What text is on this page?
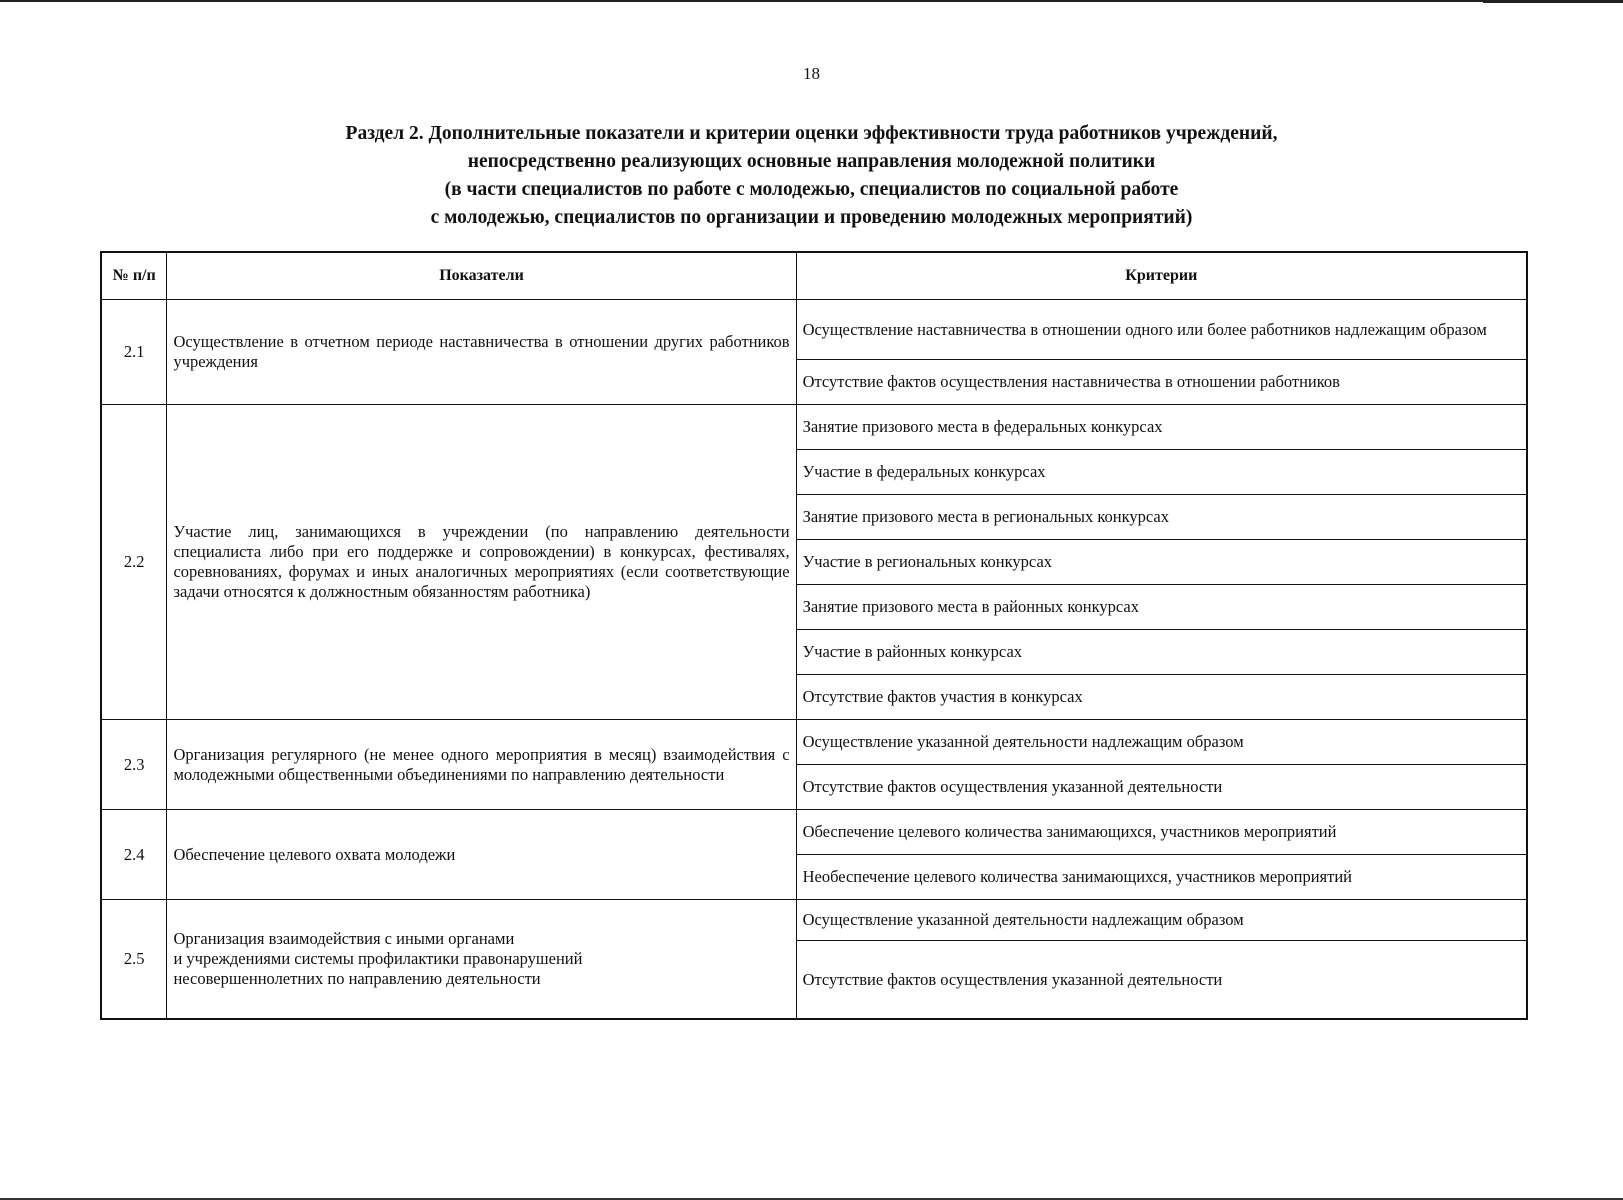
18
Раздел 2. Дополнительные показатели и критерии оценки эффективности труда работников учреждений,
непосредственно реализующих основные направления молодежной политики
(в части специалистов по работе с молодежью, специалистов по социальной работе
с молодежью, специалистов по организации и проведению молодежных мероприятий)
№ п/п	Показатели	Критерии
2.1	Осуществление в отчетном периоде наставничества в отношении других работников учреждения	Осуществление наставничества в отношении одного или более работников надлежащим образом
		Отсутствие фактов осуществления наставничества в отношении работников
2.2	Участие лиц, занимающихся в учреждении (по направлению деятельности специалиста либо при его поддержке и сопровождении) в конкурсах, фестивалях, соревнованиях, форумах и иных аналогичных мероприятиях (если соответствующие задачи относятся к должностным обязанностям работника)	Занятие призового места в федеральных конкурсах
		Участие в федеральных конкурсах
		Занятие призового места в региональных конкурсах
		Участие в региональных конкурсах
		Занятие призового места в районных конкурсах
		Участие в районных конкурсах
		Отсутствие фактов участия в конкурсах
2.3	Организация регулярного (не менее одного мероприятия в месяц) взаимодействия с молодежными общественными объединениями по направлению деятельности	Осуществление указанной деятельности надлежащим образом
		Отсутствие фактов осуществления указанной деятельности
2.4	Обеспечение целевого охвата молодежи	Обеспечение целевого количества занимающихся, участников мероприятий
		Необеспечение целевого количества занимающихся, участников мероприятий
2.5	Организация взаимодействия с иными органами
и учреждениями системы профилактики правонарушений
несовершеннолетних по направлению деятельности	Осуществление указанной деятельности надлежащим образом
		Отсутствие фактов осуществления указанной деятельности
